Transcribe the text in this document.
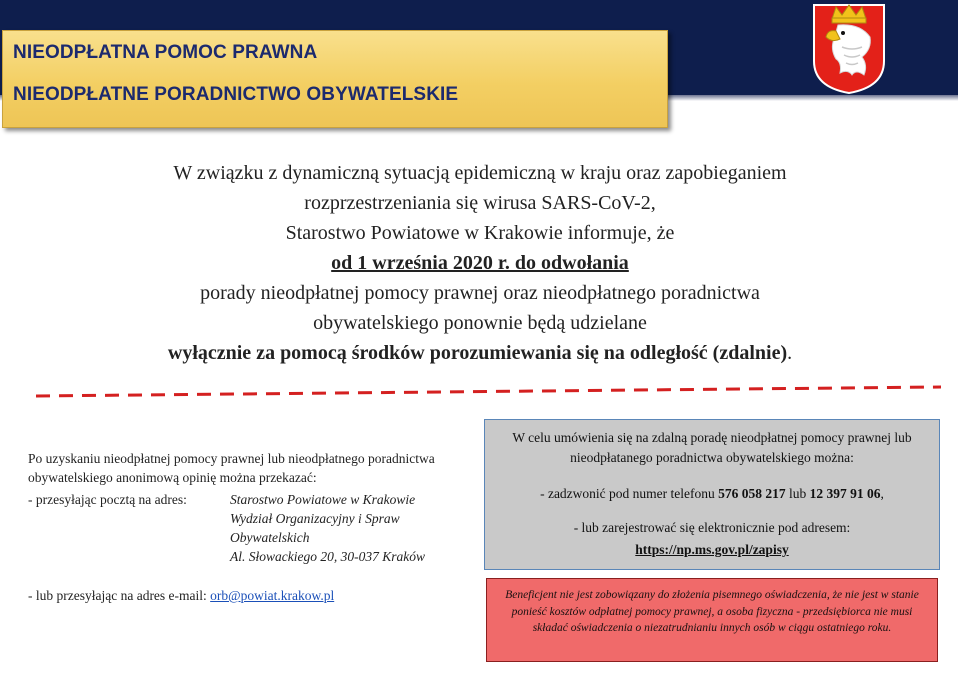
NIEODPŁATNA POMOC PRAWNA
NIEODPŁATNE PORADNICTWO OBYWATELSKIE
W związku z dynamiczną sytuacją epidemiczną w kraju oraz zapobieganiem
rozprzestrzeniania się wirusa SARS-CoV-2,
Starostwo Powiatowe w Krakowie informuje, że
od 1 września 2020 r. do odwołania
porady nieodpłatnej pomocy prawnej oraz nieodpłatnego poradnictwa
obywatelskiego ponownie będą udzielane
wyłącznie za pomocą środków porozumiewania się na odległość (zdalnie).

Po uzyskaniu nieodpłatnej pomocy prawnej lub nieodpłatnego poradnictwa obywatelskiego anonimową opinię można przekazać:

- przesyłając pocztą na adres:	Starostwo Powiatowe w Krakowie
Wydział Organizacyjny i Spraw
Obywatelskich
Al. Słowackiego 20, 30-037 Kraków
- lub przesyłając na adres e-mail: orb@powiat.krakow.pl
W celu umówienia się na zdalną poradę nieodpłatnej pomocy prawnej lub nieodpłatanego poradnictwa obywatelskiego można:
- zadzwonić pod numer telefonu 576 058 217 lub 12 397 91 06,
- lub zarejestrować się elektronicznie pod adresem:
https://np.ms.gov.pl/zapisy
Beneficjent nie jest zobowiązany do złożenia pisemnego oświadczenia, że nie jest w stanie ponieść kosztów odpłatnej pomocy prawnej, a osoba fizyczna - przedsiębiorca nie musi składać oświadczenia o niezatrudnianiu innych osób w ciągu ostatniego roku.
